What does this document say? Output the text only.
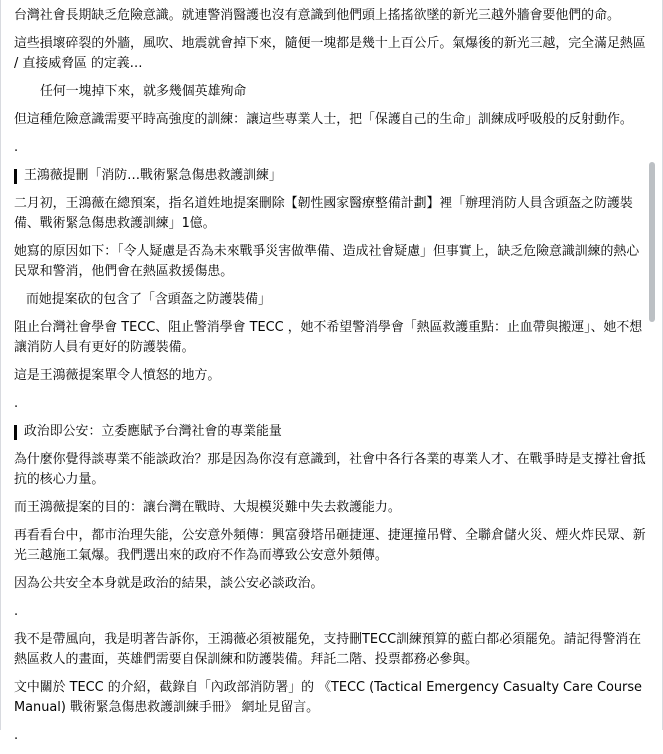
台灣社會長期缺乏危險意識。就連警消醫護也沒有意識到他們頭上搖搖欲墜的新光三越外牆會要他們的命。

這些損壞碎裂的外牆，風吹、地震就會掉下來，隨便一塊都是幾十上百公斤。氣爆後的新光三越，完全滿足熱區 / 直接威脅區 的定義…

任何一塊掉下來，就多幾個英雄殉命

但這種危險意識需要平時高強度的訓練：讓這些專業人士，把「保護自己的生命」訓練成呼吸般的反射動作。

.
王鴻薇提刪「消防…戰術緊急傷患救護訓練」

二月初，王鴻薇在總預案，指名道姓地提案刪除【韌性國家醫療整備計劃】裡「辦理消防人員含頭盔之防護裝備、戰術緊急傷患救護訓練」1億。

她寫的原因如下：「令人疑慮是否為未來戰爭災害做準備、造成社會疑慮」但事實上，缺乏危險意識訓練的熱心民眾和警消，他們會在熱區救援傷患。

而她提案砍的包含了「含頭盔之防護裝備」

阻止台灣社會學會 TECC、阻止警消學會 TECC ，她不希望警消學會「熱區救護重點：止血帶與搬運」、她不想讓消防人員有更好的防護裝備。

這是王鴻薇提案單令人憤怒的地方。

.
政治即公安：立委應賦予台灣社會的專業能量

為什麼你覺得談專業不能談政治？那是因為你沒有意識到，社會中各行各業的專業人才、在戰爭時是支撐社會抵抗的核心力量。

而王鴻薇提案的目的：讓台灣在戰時、大規模災難中失去救護能力。

再看看台中，都市治理失能，公安意外頻傳：興富發塔吊砸捷運、捷運撞吊臂、全聯倉儲火災、煙火炸民眾、新光三越施工氣爆。我們選出來的政府不作為而導致公安意外頻傳。

因為公共安全本身就是政治的結果，談公安必談政治。

.

我不是帶風向，我是明著告訴你，王鴻薇必須被罷免，支持刪TECC訓練預算的藍白都必須罷免。請記得警消在熱區救人的畫面，英雄們需要自保訓練和防護裝備。拜託二階、投票都務必參與。

文中關於 TECC 的介紹，截錄自「內政部消防署」的 《TECC (Tactical Emergency Casualty Care Course Manual) 戰術緊急傷患救護訓練手冊》 網址見留言。

.
